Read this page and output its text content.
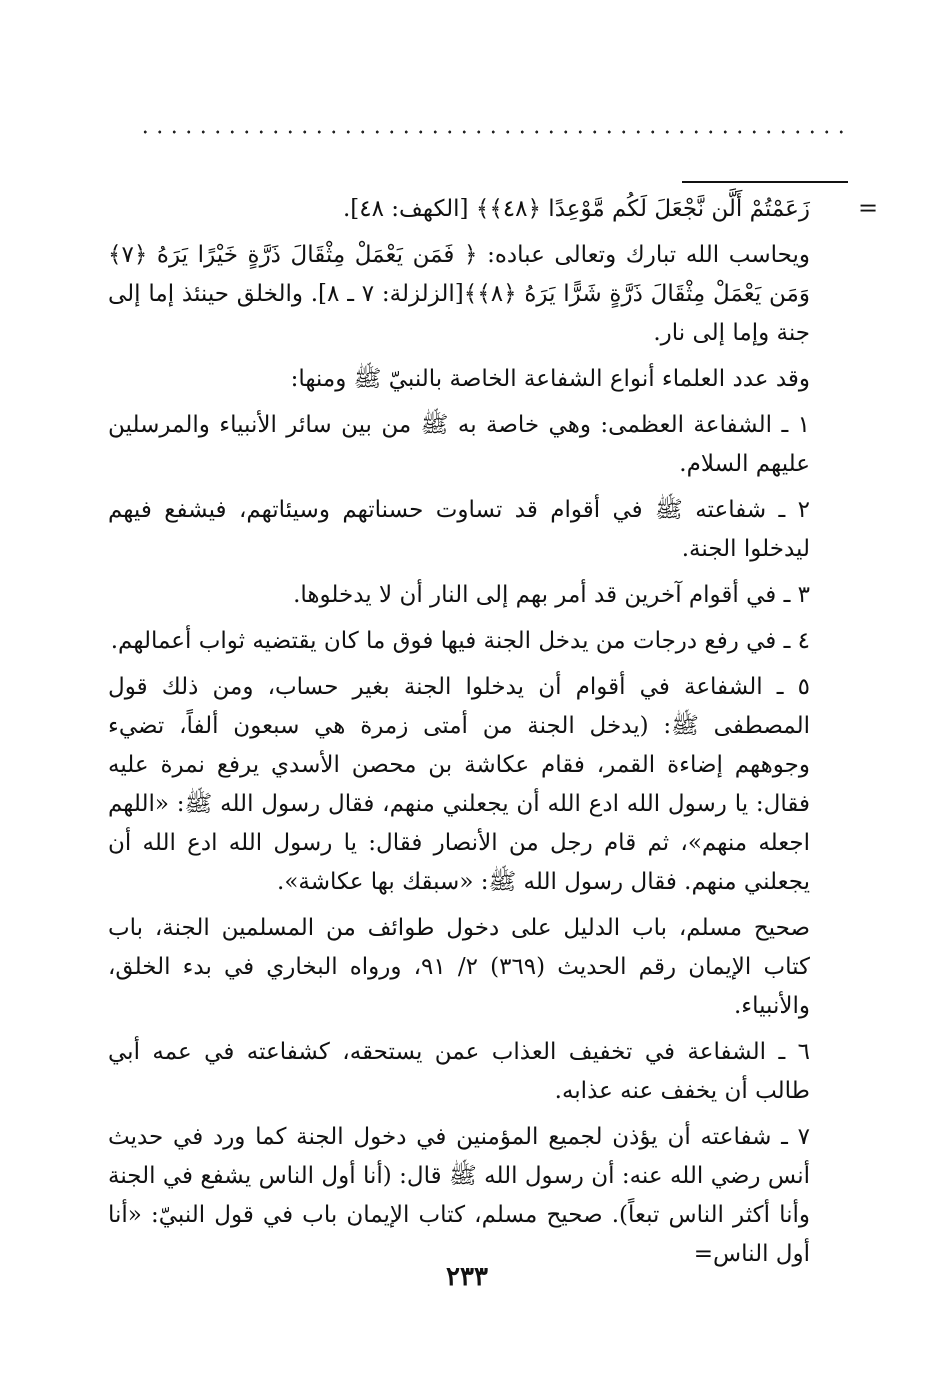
=

زَعَمْتُمْ أَلَّن نَّجْعَلَ لَكُم مَّوْعِدًا ﴿٤٨﴾﴾ [الكهف: ٤٨].

ويحاسب الله تبارك وتعالى عباده: ﴿ فَمَن يَعْمَلْ مِثْقَالَ ذَرَّةٍ خَيْرًا يَرَهُ ﴿٧﴾ وَمَن يَعْمَلْ مِثْقَالَ ذَرَّةٍ شَرًّا يَرَهُ ﴿٨﴾﴾[الزلزلة: ٧ ـ ٨]. والخلق حينئذ إما إلى جنة وإما إلى نار.

وقد عدد العلماء أنواع الشفاعة الخاصة بالنبيّ ﷺ ومنها:

١ ـ الشفاعة العظمى: وهي خاصة به ﷺ من بين سائر الأنبياء والمرسلين عليهم السلام.

٢ ـ شفاعته ﷺ في أقوام قد تساوت حسناتهم وسيئاتهم، فيشفع فيهم ليدخلوا الجنة.

٣ ـ في أقوام آخرين قد أمر بهم إلى النار أن لا يدخلوها.

٤ ـ في رفع درجات من يدخل الجنة فيها فوق ما كان يقتضيه ثواب أعمالهم.

٥ ـ الشفاعة في أقوام أن يدخلوا الجنة بغير حساب، ومن ذلك قول المصطفى ﷺ: (يدخل الجنة من أمتى زمرة هي سبعون ألفاً، تضيء وجوههم إضاءة القمر، فقام عكاشة بن محصن الأسدي يرفع نمرة عليه فقال: يا رسول الله ادع الله أن يجعلني منهم، فقال رسول الله ﷺ: «اللهم اجعله منهم»، ثم قام رجل من الأنصار فقال: يا رسول الله ادع الله أن يجعلني منهم. فقال رسول الله ﷺ: «سبقك بها عكاشة».

صحيح مسلم، باب الدليل على دخول طوائف من المسلمين الجنة، باب كتاب الإيمان رقم الحديث (٣٦٩) ٢/ ٩١، ورواه البخاري في بدء الخلق، والأنبياء.

٦ ـ الشفاعة في تخفيف العذاب عمن يستحقه، كشفاعته في عمه أبي طالب أن يخفف عنه عذابه.

٧ ـ شفاعته أن يؤذن لجميع المؤمنين في دخول الجنة كما ورد في حديث أنس رضي الله عنه: أن رسول الله ﷺ قال: (أنا أول الناس يشفع في الجنة وأنا أكثر الناس تبعاً). صحيح مسلم، كتاب الإيمان باب في قول النبيّ: «أنا أول الناس=

٢٣٣
